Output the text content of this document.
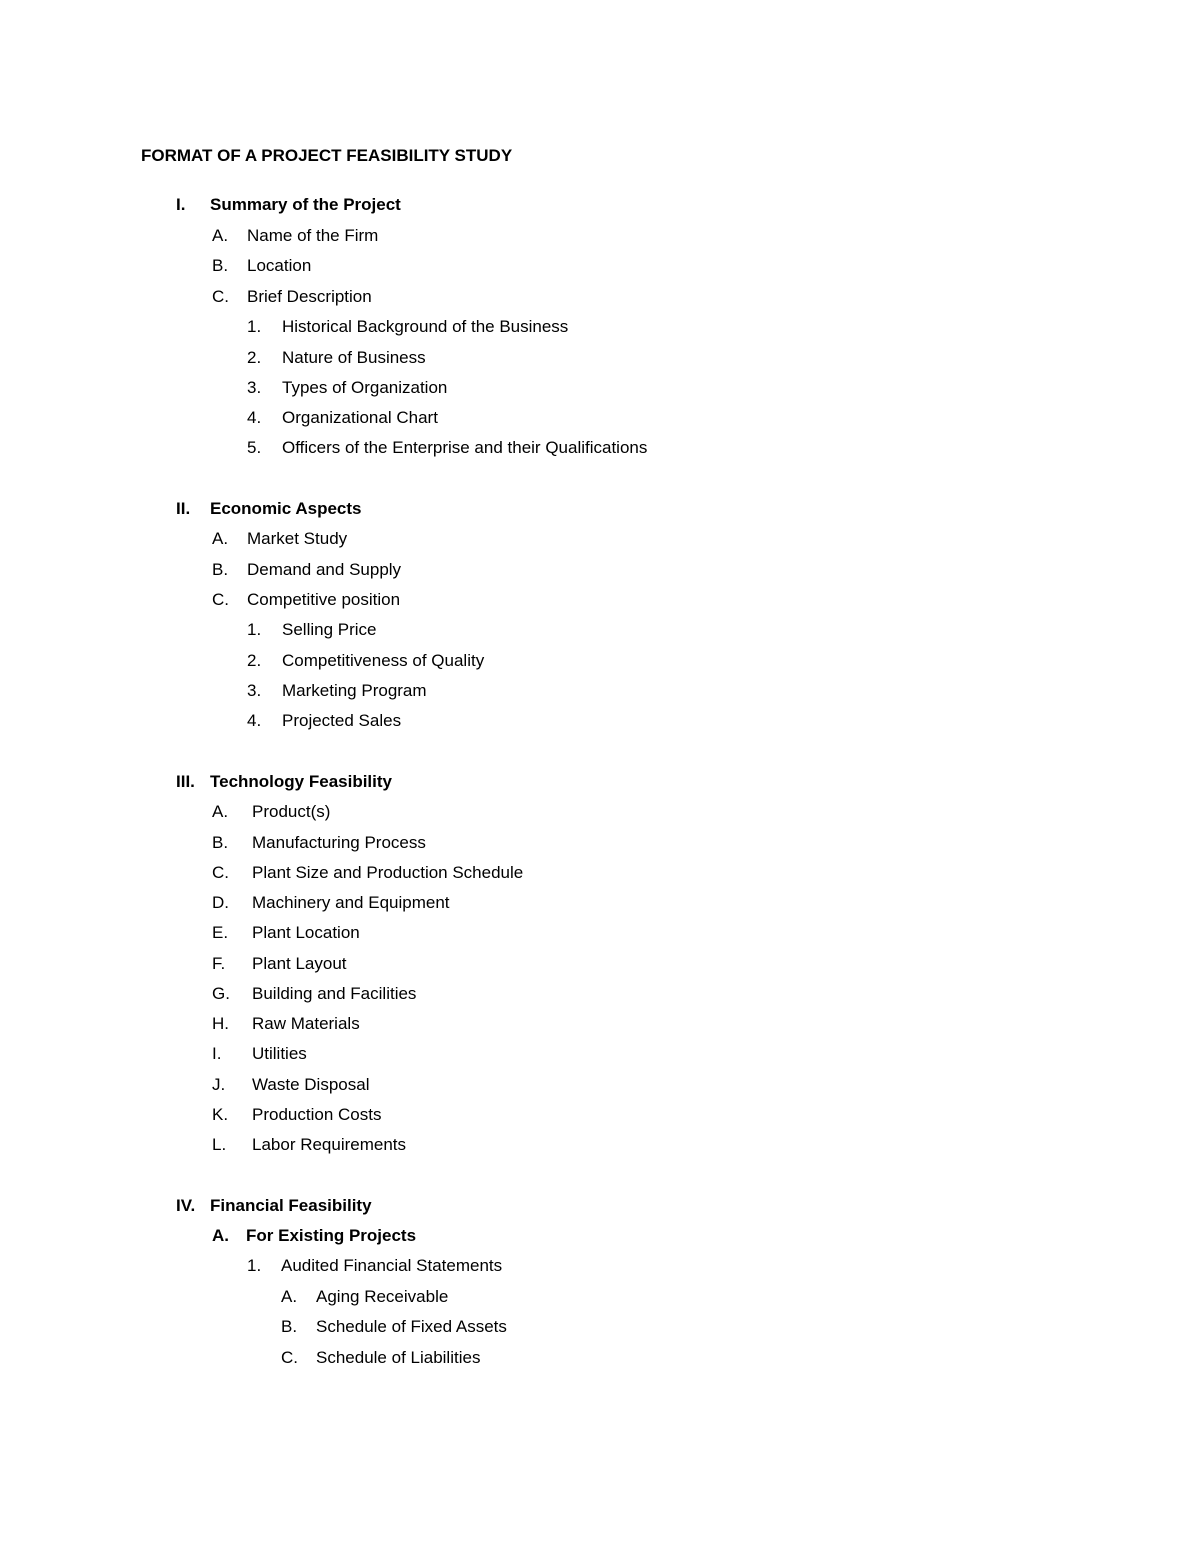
FORMAT OF A PROJECT FEASIBILITY STUDY
I. Summary of the Project
A. Name of the Firm
B. Location
C. Brief Description
1. Historical Background of the Business
2. Nature of Business
3. Types of Organization
4. Organizational Chart
5. Officers of the Enterprise and their Qualifications
II. Economic Aspects
A. Market Study
B. Demand and Supply
C. Competitive position
1. Selling Price
2. Competitiveness of Quality
3. Marketing Program
4. Projected Sales
III. Technology Feasibility
A. Product(s)
B. Manufacturing Process
C. Plant Size and Production Schedule
D. Machinery and Equipment
E. Plant Location
F. Plant Layout
G. Building and Facilities
H. Raw Materials
I. Utilities
J. Waste Disposal
K. Production Costs
L. Labor Requirements
IV. Financial Feasibility
A. For Existing Projects
1. Audited Financial Statements
A. Aging Receivable
B. Schedule of Fixed Assets
C. Schedule of Liabilities
